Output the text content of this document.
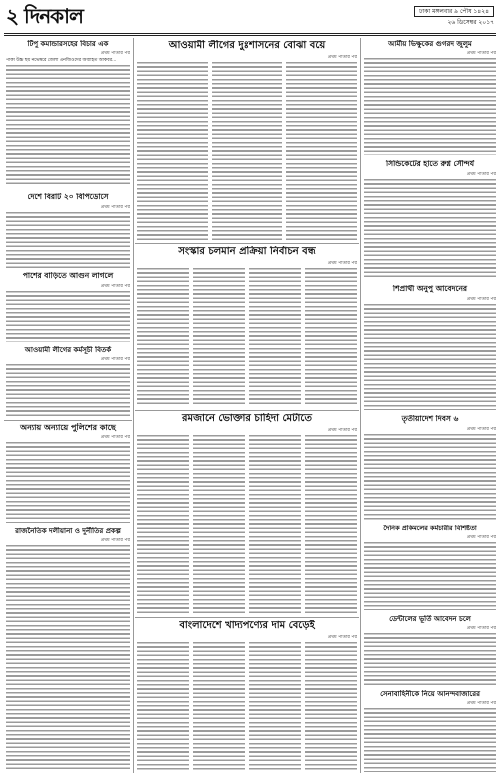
২ দিনকাল	ঢাকা মঙ্গলবার ৯ পৌষ ১৪২৪
২৬ ডিসেম্বর ২০১৭
টিপু কমান্ডারসহের বিচার এক
প্রথম পাতার পর
পাকা উচ্চ ছয় নভেম্বরে জেলা এনজিওদের অব্যাহত আকবর...
দেশে বিরাট ২০ বিপিডোসে
প্রথম পাতার পর
পাশের বাড়িতে আগুন লাগলে
প্রথম পাতার পর
আওয়ামী লীগের কর্মসূচী বিতর্ক
প্রথম পাতার পর
অন্যায় অন্যায়ে পুলিশের কাছে
প্রথম পাতার পর
রাজনৈতিক দলীয়ানা ও দুর্নীতির প্রকল্প
প্রথম পাতার পর
আওয়ামী লীগের দুঃশাসনের বোঝা বয়ে
প্রথম পাতার পর
সংস্কার চলমান প্রক্রিয়া নির্বাচন বন্ধ
প্রথম পাতার পর
রমজানে ভোক্তার চাহিদা মেটাতে
প্রথম পাতার পর
বাংলাদেশে খাদ্যপণ্যের দাম বেড়েই
প্রথম পাতার পর
আর্মীয় ভিক্ষুকের গুগরদ জুলুম
প্রথম পাতার পর
সিন্ডিকেটের হাতে রুগ্ন সৌন্দর্য
প্রথম পাতার পর
শিপ্রার্থী অনুপু আবেদনের
প্রথম পাতার পর
তৃতীয়াদেশ দিবস ৬
প্রথম পাতার পর
দৈনিক প্রকিমলের কর্মচারীর বিশিষ্টতা
প্রথম পাতার পর
ডেন্টালের ভূর্তি আবেদন চলে
প্রথম পাতার পর
সেনাবাহিনীকে নিয়ে আনন্দবাজারের
প্রথম পাতার পর
